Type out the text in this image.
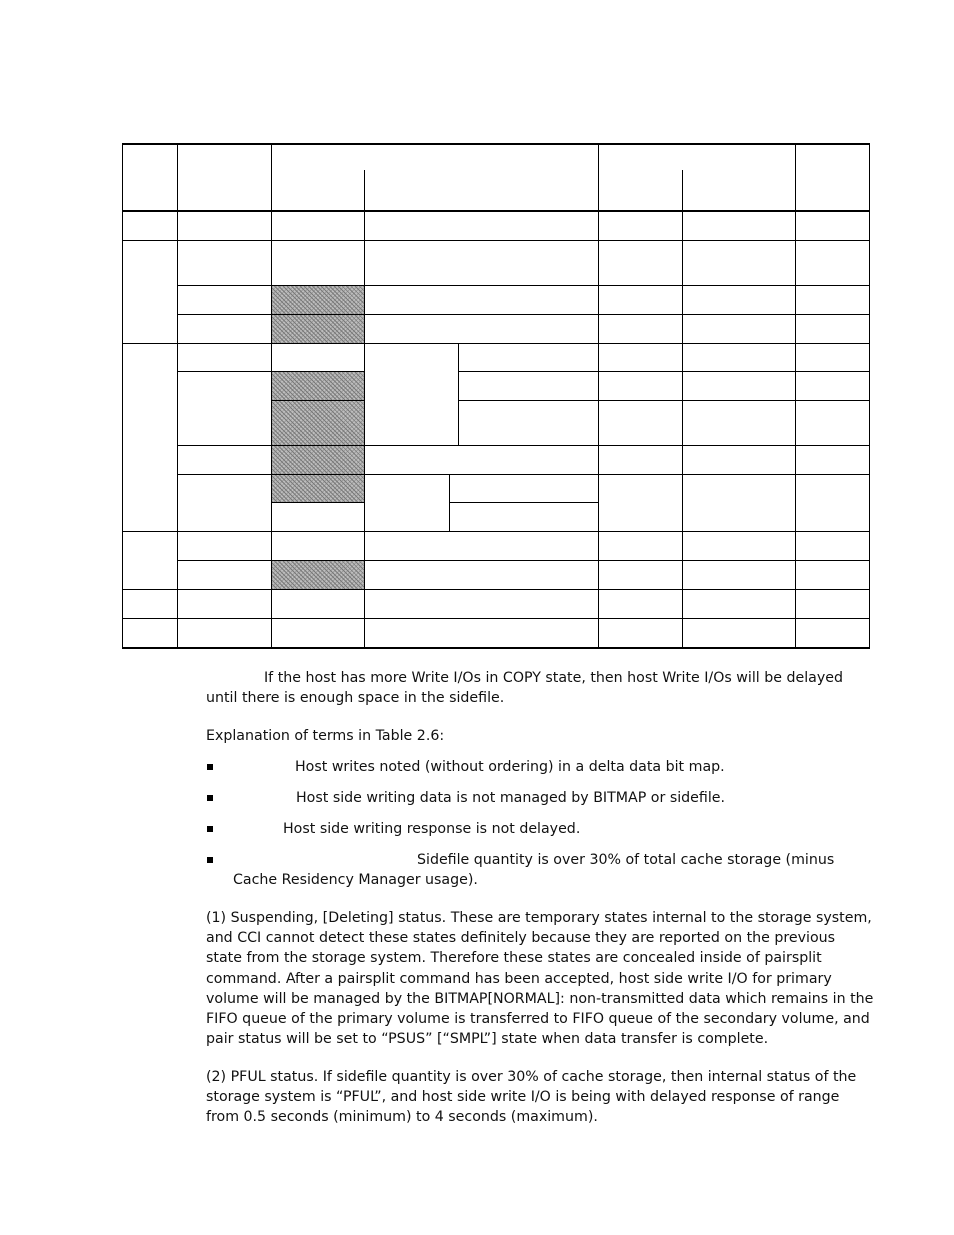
If the host has more Write I/Os in COPY state, then host Write I/Os will be delayed
until there is enough space in the sidefile.
Explanation of terms in Table 2.6:
Host writes noted (without ordering) in a delta data bit map.
Host side writing data is not managed by BITMAP or sidefile.
Host side writing response is not delayed.
Sidefile quantity is over 30% of total cache storage (minus
Cache Residency Manager usage).
(1) Suspending, [Deleting] status. These are temporary states internal to the storage system,
and CCI cannot detect these states definitely because they are reported on the previous
state from the storage system. Therefore these states are concealed inside of pairsplit
command. After a pairsplit command has been accepted, host side write I/O for primary
volume will be managed by the BITMAP[NORMAL]: non-transmitted data which remains in the
FIFO queue of the primary volume is transferred to FIFO queue of the secondary volume, and
pair status will be set to “PSUS” [“SMPL”] state when data transfer is complete.
(2) PFUL status. If sidefile quantity is over 30% of cache storage, then internal status of the
storage system is “PFUL”, and host side write I/O is being with delayed response of range
from 0.5 seconds (minimum) to 4 seconds (maximum).
